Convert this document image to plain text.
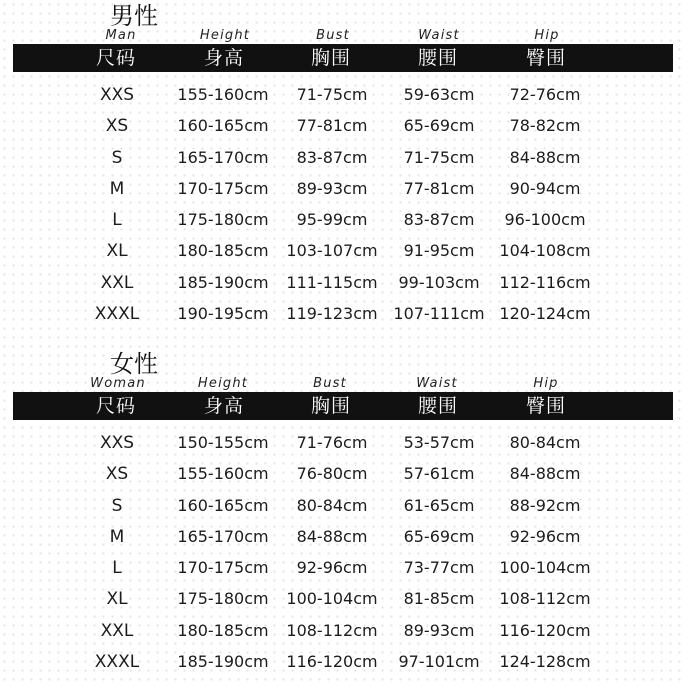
男性
Man	Height	Bust	Waist	Hip
尺码	身高	胸围	腰围	臀围
XXS	155-160cm 71-75cm 59-63cm 72-76cm
XS	160-165cm 77-81cm 65-69cm 78-82cm
S	165-170cm 83-87cm 71-75cm 84-88cm
M	170-175cm 89-93cm 77-81cm 90-94cm
L	175-180cm 95-99cm 83-87cm 96-100cm
XL	180-185cm 103-107cm 91-95cm 104-108cm
XXL	185-190cm 111-115cm 99-103cm 112-116cm
XXXL 190-195cm 119-123cm 107-111cm 120-124cm
女性
Woman	Height	Bust	Waist	Hip
尺码	身高	胸围	腰围	臀围
XXS	150-155cm 71-76cm 53-57cm 80-84cm
XS	155-160cm 76-80cm 57-61cm 84-88cm
S	160-165cm 80-84cm 61-65cm 88-92cm
M	165-170cm 84-88cm 65-69cm 92-96cm
L	170-175cm 92-96cm 73-77cm 100-104cm
XL	175-180cm 100-104cm 81-85cm 108-112cm
XXL	180-185cm 108-112cm 89-93cm 116-120cm
XXXL 185-190cm 116-120cm 97-101cm 124-128cm
